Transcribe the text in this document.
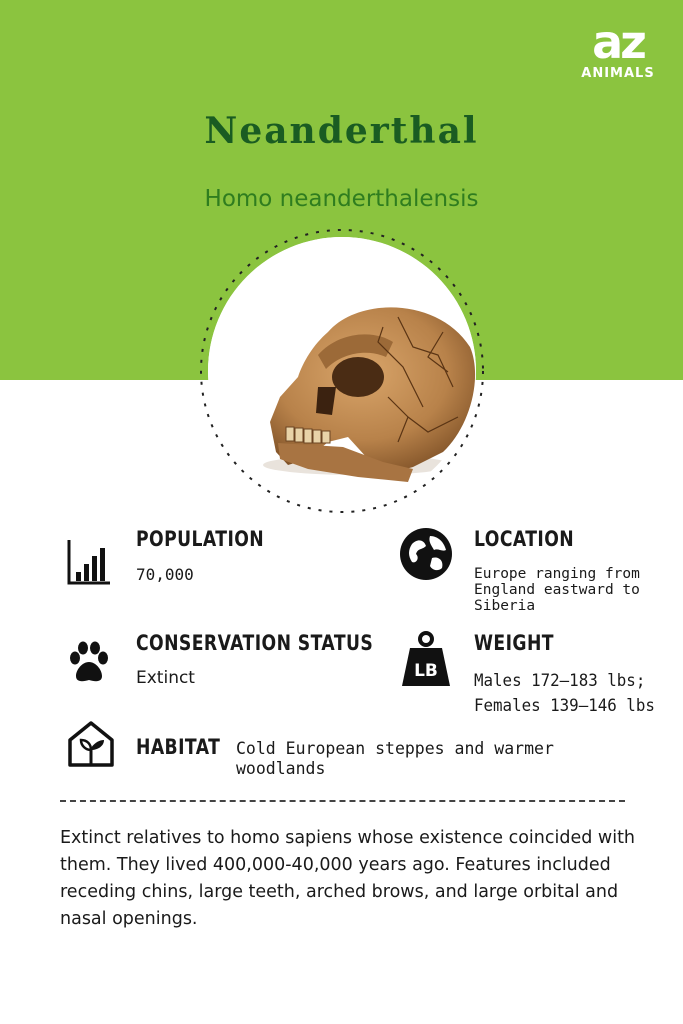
az
ANIMALS
Neanderthal
Homo neanderthalensis
POPULATION
70,000
LOCATION
Europe ranging from England eastward to Siberia
CONSERVATION STATUS
Extinct	LB
WEIGHT
Males 172–183 lbs;
Females 139–146 lbs
HABITAT Cold European steppes and warmer woodlands
Extinct relatives to homo sapiens whose existence coincided with them. They lived 400,000-40,000 years ago. Features included receding chins, large teeth, arched brows, and large orbital and nasal openings.
